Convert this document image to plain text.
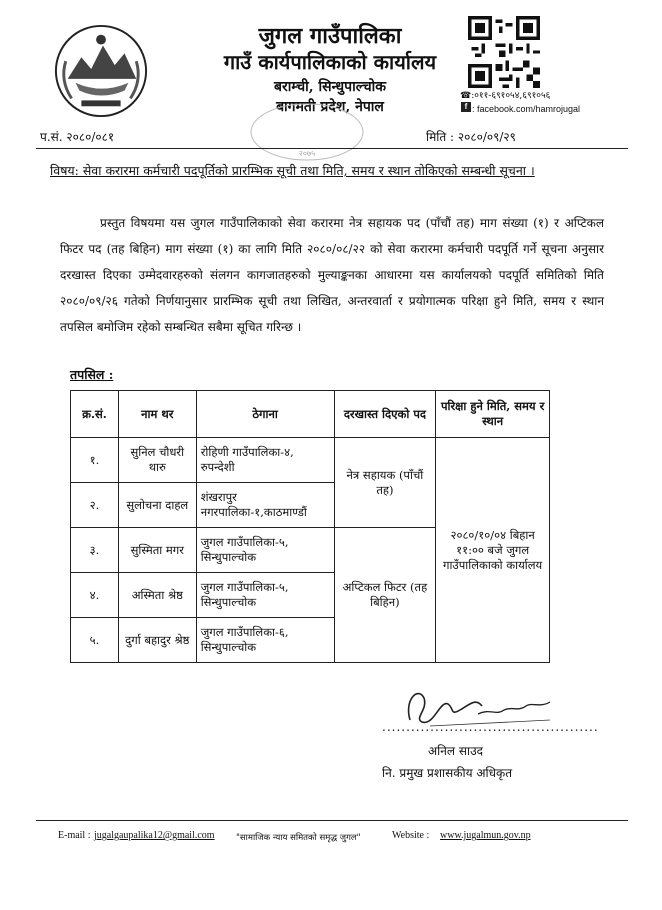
जुगल गाउँपालिका
गाउँ कार्यपालिकाको कार्यालय
बराम्ची, सिन्धुपाल्चोक
बागमती प्रदेश, नेपाल
☎:०११-६९१०५४,६९१०५६
f : facebook.com/hamrojugal
२०७५
प.सं. २०८०/०८१	मिति : २०८०/०९/२९
विषय: सेवा करारमा कर्मचारी पदपूर्तिको प्रारम्भिक सूची तथा मिति, समय र स्थान तोकिएको सम्बन्धी सूचना ।
प्रस्तुत विषयमा यस जुगल गाउँपालिकाको सेवा करारमा नेत्र सहायक पद (पाँचौं तह) माग संख्या (१) र अप्टिकल फिटर पद (तह बिहिन) माग संख्या (१) का लागि मिति २०८०/०८/२२ को सेवा करारमा कर्मचारी पदपूर्ति गर्ने सूचना अनुसार दरखास्त दिएका उम्मेदवारहरुको संलगन कागजातहरुको मुल्याङ्कनका आधारमा यस कार्यालयको पदपूर्ति समितिको मिति २०८०/०९/२६ गतेको निर्णयानुसार प्रारम्भिक सूची तथा लिखित, अन्तरवार्ता र प्रयोगात्मक परिक्षा हुने मिति, समय र स्थान तपसिल बमोजिम रहेको सम्बन्धित सबैमा सूचित गरिन्छ ।
तपसिल :
क्र.सं.	नाम थर	ठेगाना	दरखास्त दिएको पद	परिक्षा हुने मिति, समय र स्थान
१.	सुनिल चौधरी थारु	रोहिणी गाउँपालिका-४, रुपन्देशी	नेत्र सहायक (पाँचौं तह)	२०८०/१०/०४ बिहान ११:०० बजे जुगल गाउँपालिकाको कार्यालय
२.	सुलोचना दाहल	शंखरापुर नगरपालिका-१,काठमाण्डौं		
३.	सुस्मिता मगर	जुगल गाउँपालिका-५, सिन्धुपाल्चोक	अप्टिकल फिटर (तह बिहिन)	
४.	अस्मिता श्रेष्ठ	जुगल गाउँपालिका-५, सिन्धुपाल्चोक		
५.	दुर्गा बहादुर श्रेष्ठ	जुगल गाउँपालिका-६, सिन्धुपाल्चोक		
.............................................
अनिल साउद
नि. प्रमुख प्रशासकीय अधिकृत
E-mail : jugalgaupalika12@gmail.com	"सामाजिक न्याय समितको समृद्ध जुगल"	Website : www.jugalmun.gov.np
